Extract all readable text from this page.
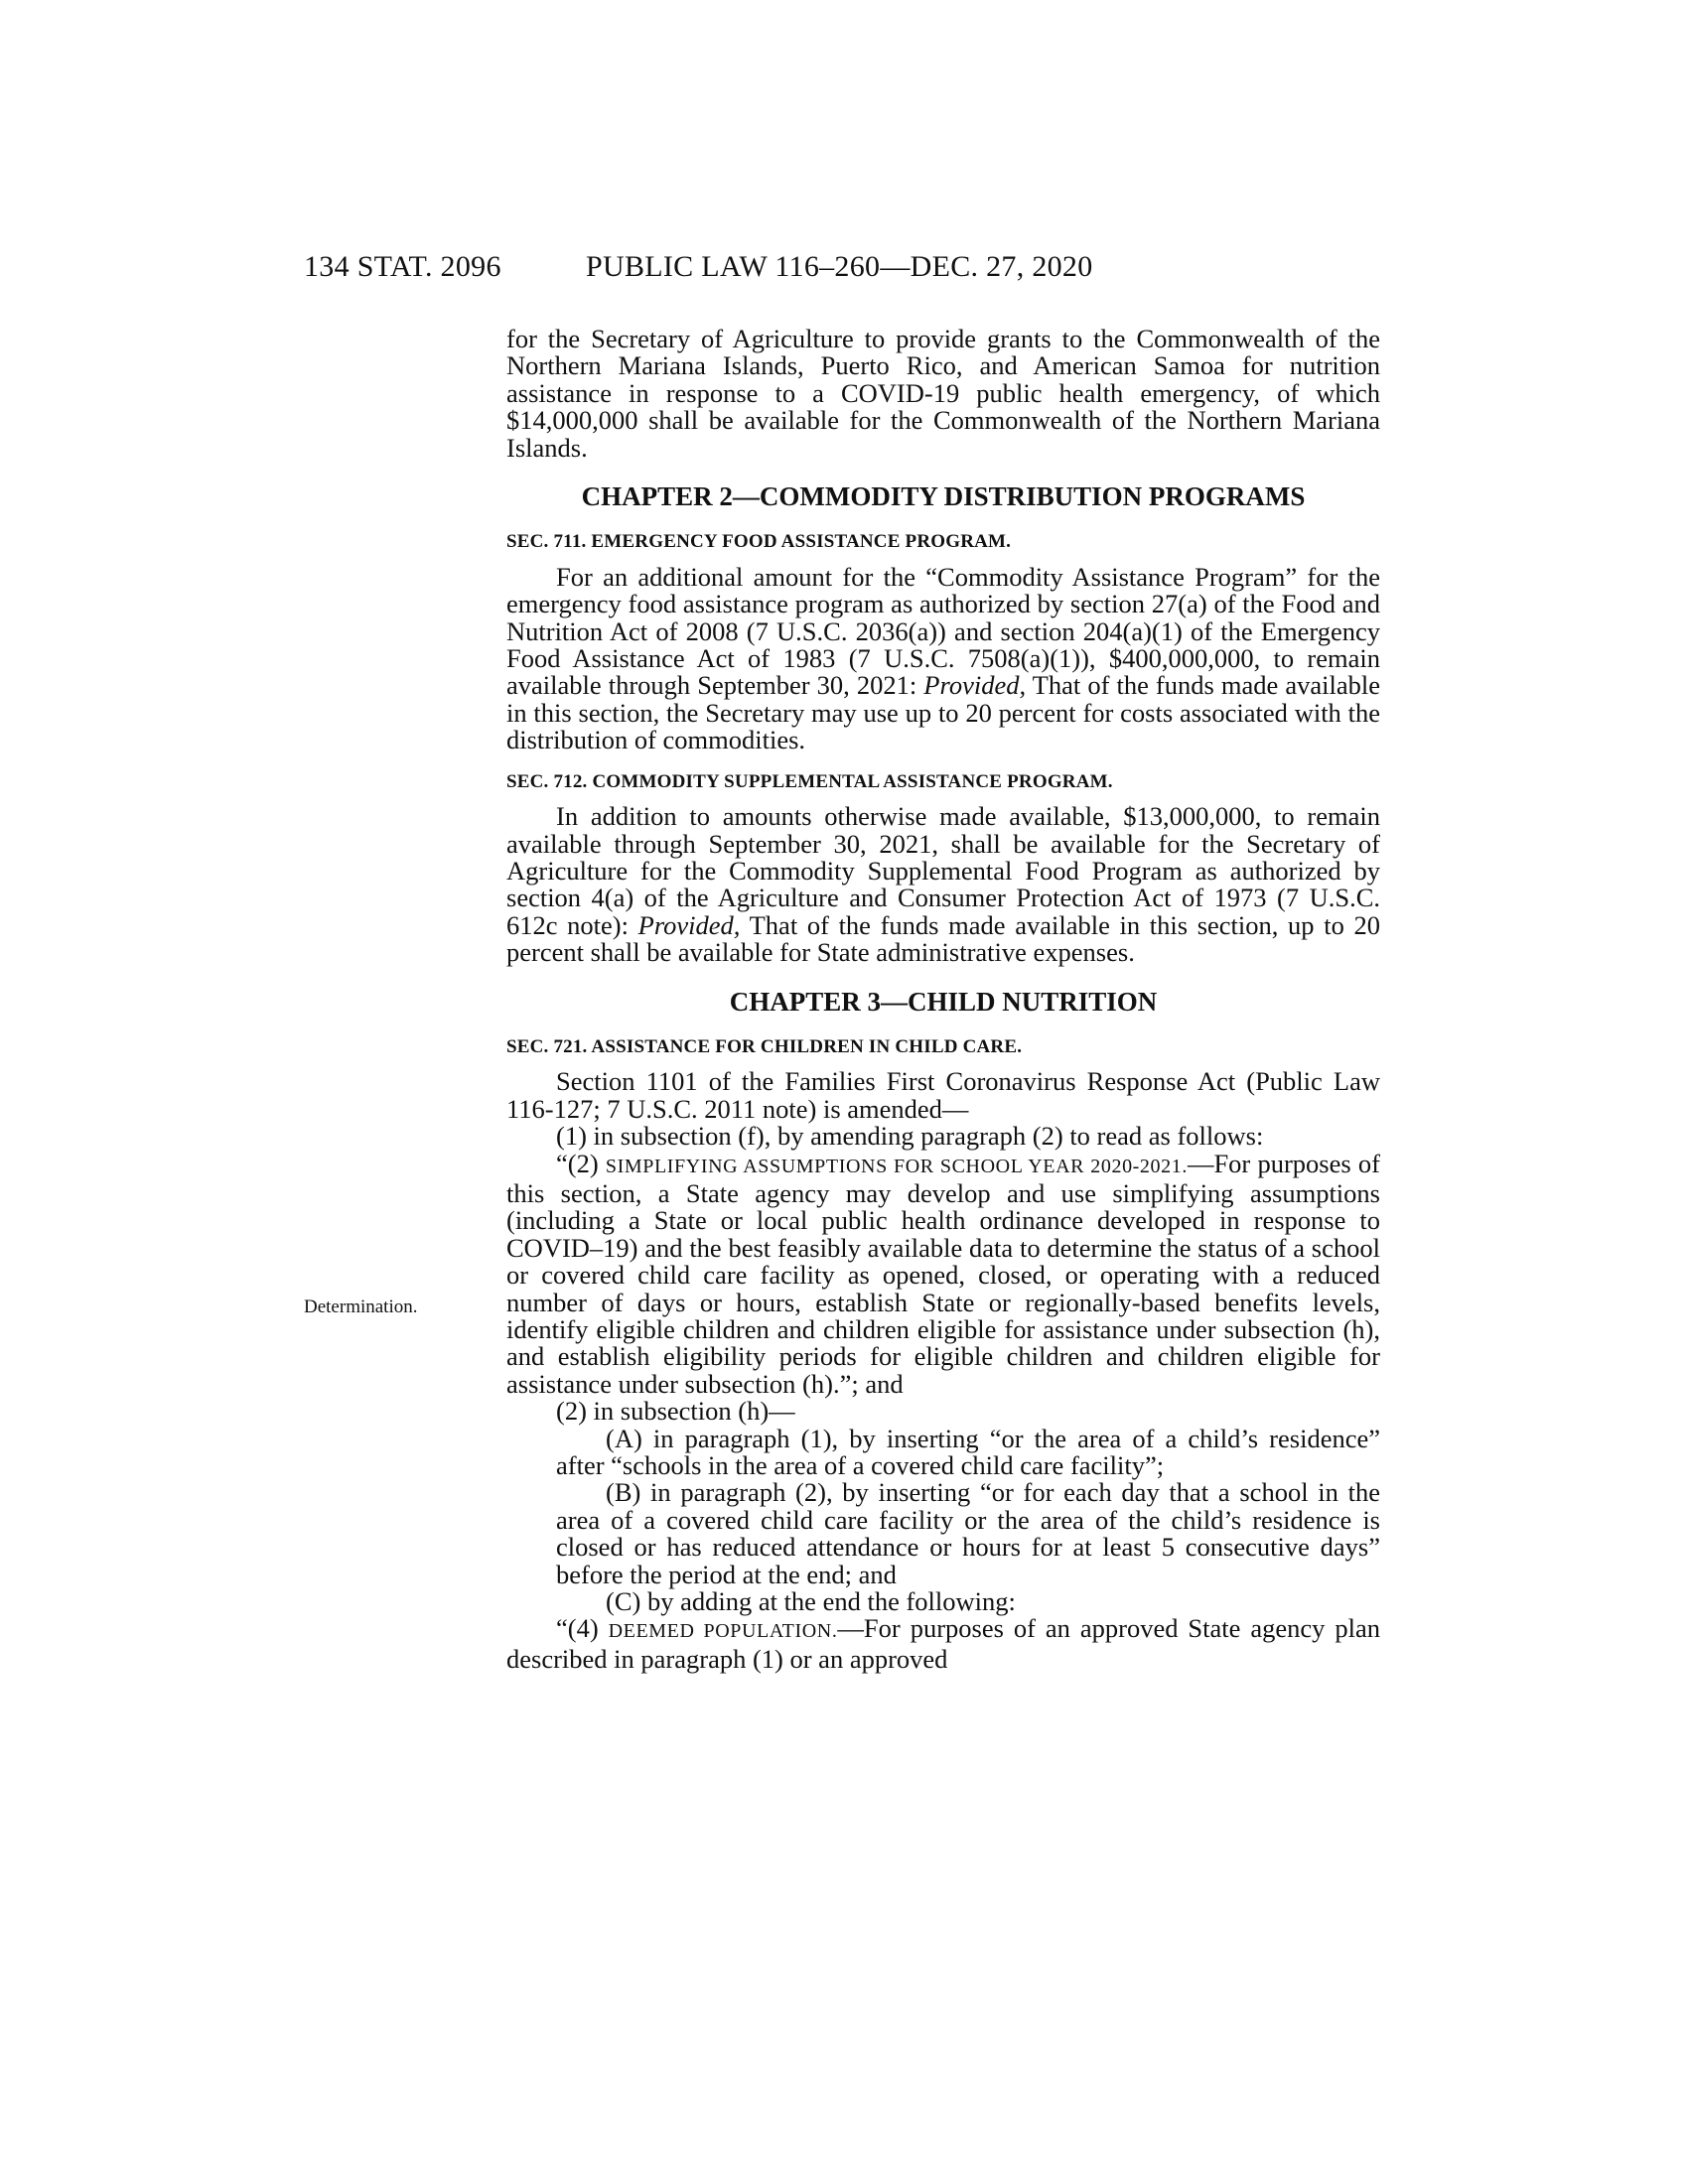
134 STAT. 2096	PUBLIC LAW 116–260—DEC. 27, 2020
Determination.

for the Secretary of Agriculture to provide grants to the Commonwealth of the Northern Mariana Islands, Puerto Rico, and American Samoa for nutrition assistance in response to a COVID-19 public health emergency, of which $14,000,000 shall be available for the Commonwealth of the Northern Mariana Islands.

CHAPTER 2—COMMODITY DISTRIBUTION PROGRAMS
SEC. 711. EMERGENCY FOOD ASSISTANCE PROGRAM.

For an additional amount for the “Commodity Assistance Program” for the emergency food assistance program as authorized by section 27(a) of the Food and Nutrition Act of 2008 (7 U.S.C. 2036(a)) and section 204(a)(1) of the Emergency Food Assistance Act of 1983 (7 U.S.C. 7508(a)(1)), $400,000,000, to remain available through September 30, 2021: Provided, That of the funds made available in this section, the Secretary may use up to 20 percent for costs associated with the distribution of commodities.

SEC. 712. COMMODITY SUPPLEMENTAL ASSISTANCE PROGRAM.

In addition to amounts otherwise made available, $13,000,000, to remain available through September 30, 2021, shall be available for the Secretary of Agriculture for the Commodity Supplemental Food Program as authorized by section 4(a) of the Agriculture and Consumer Protection Act of 1973 (7 U.S.C. 612c note): Provided, That of the funds made available in this section, up to 20 percent shall be available for State administrative expenses.

CHAPTER 3—CHILD NUTRITION
SEC. 721. ASSISTANCE FOR CHILDREN IN CHILD CARE.

Section 1101 of the Families First Coronavirus Response Act (Public Law 116-127; 7 U.S.C. 2011 note) is amended—

(1) in subsection (f), by amending paragraph (2) to read as follows:

“(2) SIMPLIFYING ASSUMPTIONS FOR SCHOOL YEAR 2020-2021.—For purposes of this section, a State agency may develop and use simplifying assumptions (including a State or local public health ordinance developed in response to COVID–19) and the best feasibly available data to determine the status of a school or covered child care facility as opened, closed, or operating with a reduced number of days or hours, establish State or regionally-based benefits levels, identify eligible children and children eligible for assistance under subsection (h), and establish eligibility periods for eligible children and children eligible for assistance under subsection (h).”; and

(2) in subsection (h)—

(A) in paragraph (1), by inserting “or the area of a child’s residence” after “schools in the area of a covered child care facility”;

(B) in paragraph (2), by inserting “or for each day that a school in the area of a covered child care facility or the area of the child’s residence is closed or has reduced attendance or hours for at least 5 consecutive days” before the period at the end; and

(C) by adding at the end the following:

“(4) DEEMED POPULATION.—For purposes of an approved State agency plan described in paragraph (1) or an approved
